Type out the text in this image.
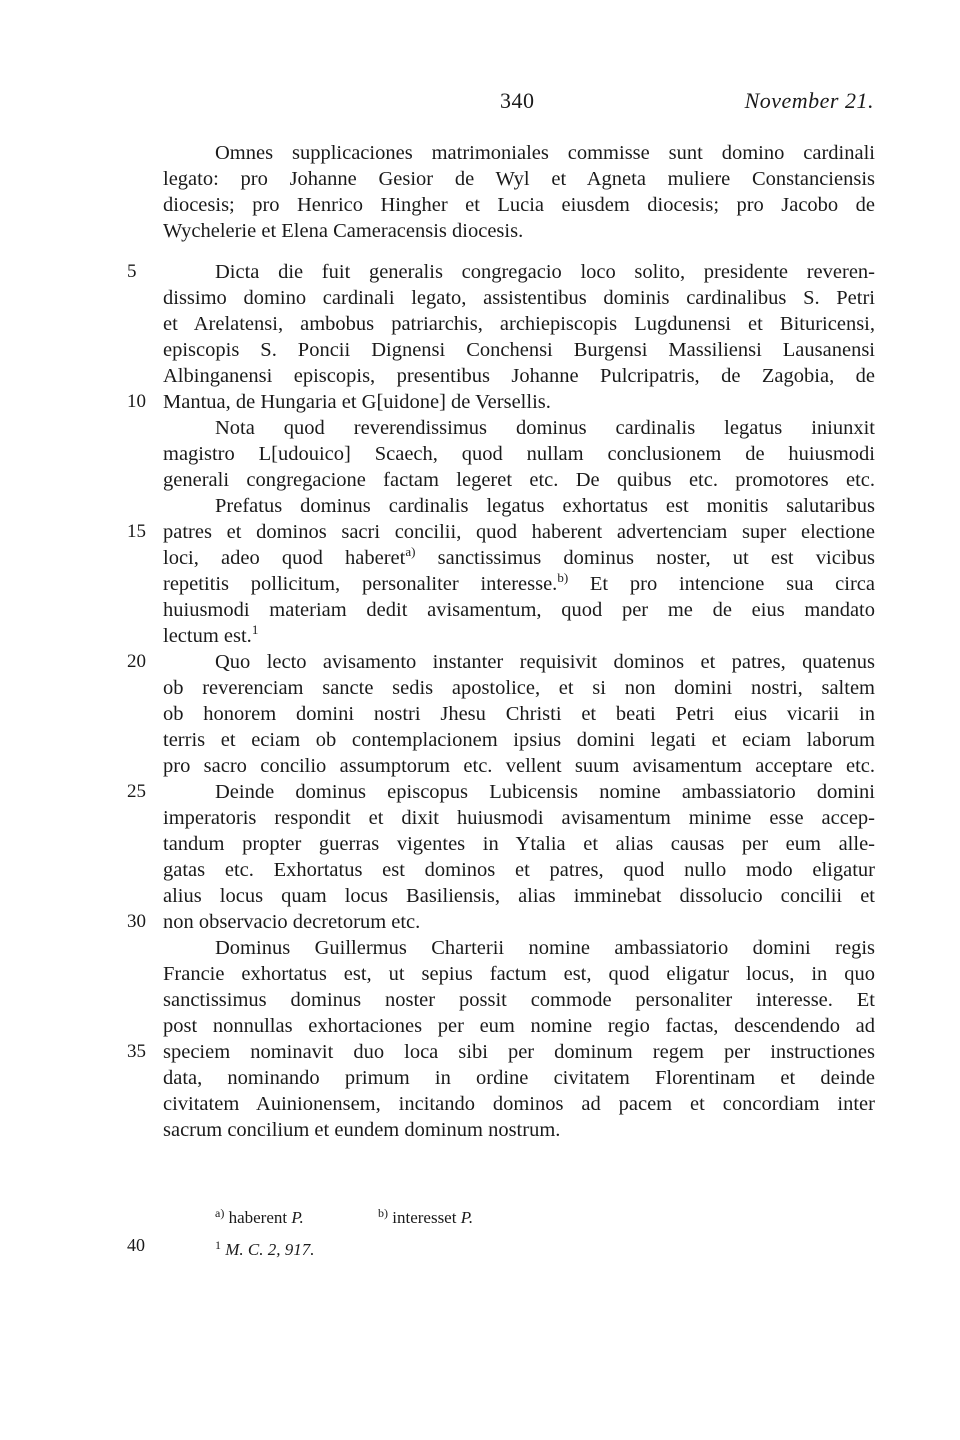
340	November 21.
Omnes supplicaciones matrimoniales commisse sunt domino cardinali
legato: pro Johanne Gesior de Wyl et Agneta muliere Constanciensis
diocesis; pro Henrico Hingher et Lucia eiusdem diocesis; pro Jacobo de
Wychelerie et Elena Cameracensis diocesis.
5	Dicta die fuit generalis congregacio loco solito, presidente reveren-
dissimo domino cardinali legato, assistentibus dominis cardinalibus S. Petri
et Arelatensi, ambobus patriarchis, archiepiscopis Lugdunensi et Bituricensi,
episcopis S. Poncii Dignensi Conchensi Burgensi Massiliensi Lausanensi
Albinganensi episcopis, presentibus Johanne Pulcripatris, de Zagobia, de
10 Mantua, de Hungaria et G[uidone] de Versellis.
Nota quod reverendissimus dominus cardinalis legatus iniunxit
magistro L[udouico] Scaech, quod nullam conclusionem de huiusmodi
generali congregacione factam legeret etc. De quibus etc. promotores etc.
Prefatus dominus cardinalis legatus exhortatus est monitis salutaribus
15 patres et dominos sacri concilii, quod haberent advertenciam super electione
loci, adeo quod haberet$^{a)}$ sanctissimus dominus noster, ut est vicibus
repetitis pollicitum, personaliter interesse.$^{b)}$ Et pro intencione sua circa
huiusmodi materiam dedit avisamentum, quod per me de eius mandato
lectum est.$^1$
20	Quo lecto avisamento instanter requisivit dominos et patres, quatenus
ob reverenciam sancte sedis apostolice, et si non domini nostri, saltem
ob honorem domini nostri Jhesu Christi et beati Petri eius vicarii in
terris et eciam ob contemplacionem ipsius domini legati et eciam laborum
pro sacro concilio assumptorum etc. vellent suum avisamentum acceptare etc.
25	Deinde dominus episcopus Lubicensis nomine ambassiatorio domini
imperatoris respondit et dixit huiusmodi avisamentum minime esse accep-
tandum propter guerras vigentes in Ytalia et alias causas per eum alle-
gatas etc. Exhortatus est dominos et patres, quod nullo modo eligatur
alius locus quam locus Basiliensis, alias imminebat dissolucio concilii et
30 non observacio decretorum etc.
Dominus Guillermus Charterii nomine ambassiatorio domini regis
Francie exhortatus est, ut sepius factum est, quod eligatur locus, in quo
sanctissimus dominus noster possit commode personaliter interesse. Et
post nonnullas exhortaciones per eum nomine regio factas, descendendo ad
35 speciem nominavit duo loca sibi per dominum regem per instructiones
data, nominando primum in ordine civitatem Florentinam et deinde
civitatem Auinionensem, incitando dominos ad pacem et concordiam inter
sacrum concilium et eundem dominum nostrum.
$^{a)}$ haberent P.	$^{b)}$ interesset P.
40	$^1$ M. C. 2, 917.
